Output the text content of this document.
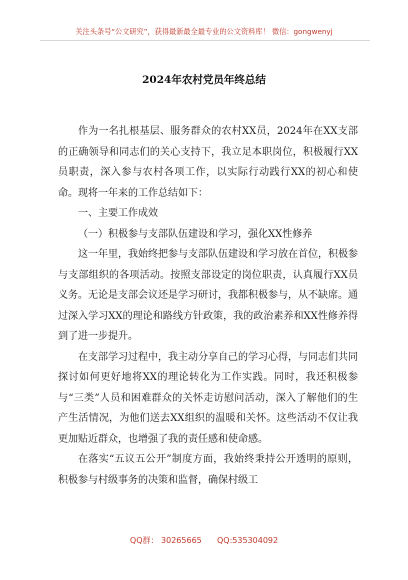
关注头条号“公文研究”，获得最新最全最专业的公文资料库！ 微信：gongwenyj
2024年农村党员年终总结

作为一名扎根基层、服务群众的农村XX员，2024年在XX支部的正确领导和同志们的关心支持下，我立足本职岗位，积极履行XX员职责，深入参与农村各项工作，以实际行动践行XX的初心和使命。现将一年来的工作总结如下：

一、主要工作成效

（一）积极参与支部队伍建设和学习，强化XX性修养

这一年里，我始终把参与支部队伍建设和学习放在首位，积极参与支部组织的各项活动。按照支部设定的岗位职责，认真履行XX员义务。无论是支部会议还是学习研讨，我都积极参与，从不缺席。通过深入学习XX的理论和路线方针政策，我的政治素养和XX性修养得到了进一步提升。

在支部学习过程中，我主动分享自己的学习心得，与同志们共同探讨如何更好地将XX的理论转化为工作实践。同时，我还积极参与“三类”人员和困难群众的关怀走访慰问活动，深入了解他们的生产生活情况，为他们送去XX组织的温暖和关怀。这些活动不仅让我更加贴近群众，也增强了我的责任感和使命感。

在落实“五议五公开”制度方面，我始终秉持公开透明的原则，积极参与村级事务的决策和监督，确保村级工

QQ群： 30265665      QQ:535304092
